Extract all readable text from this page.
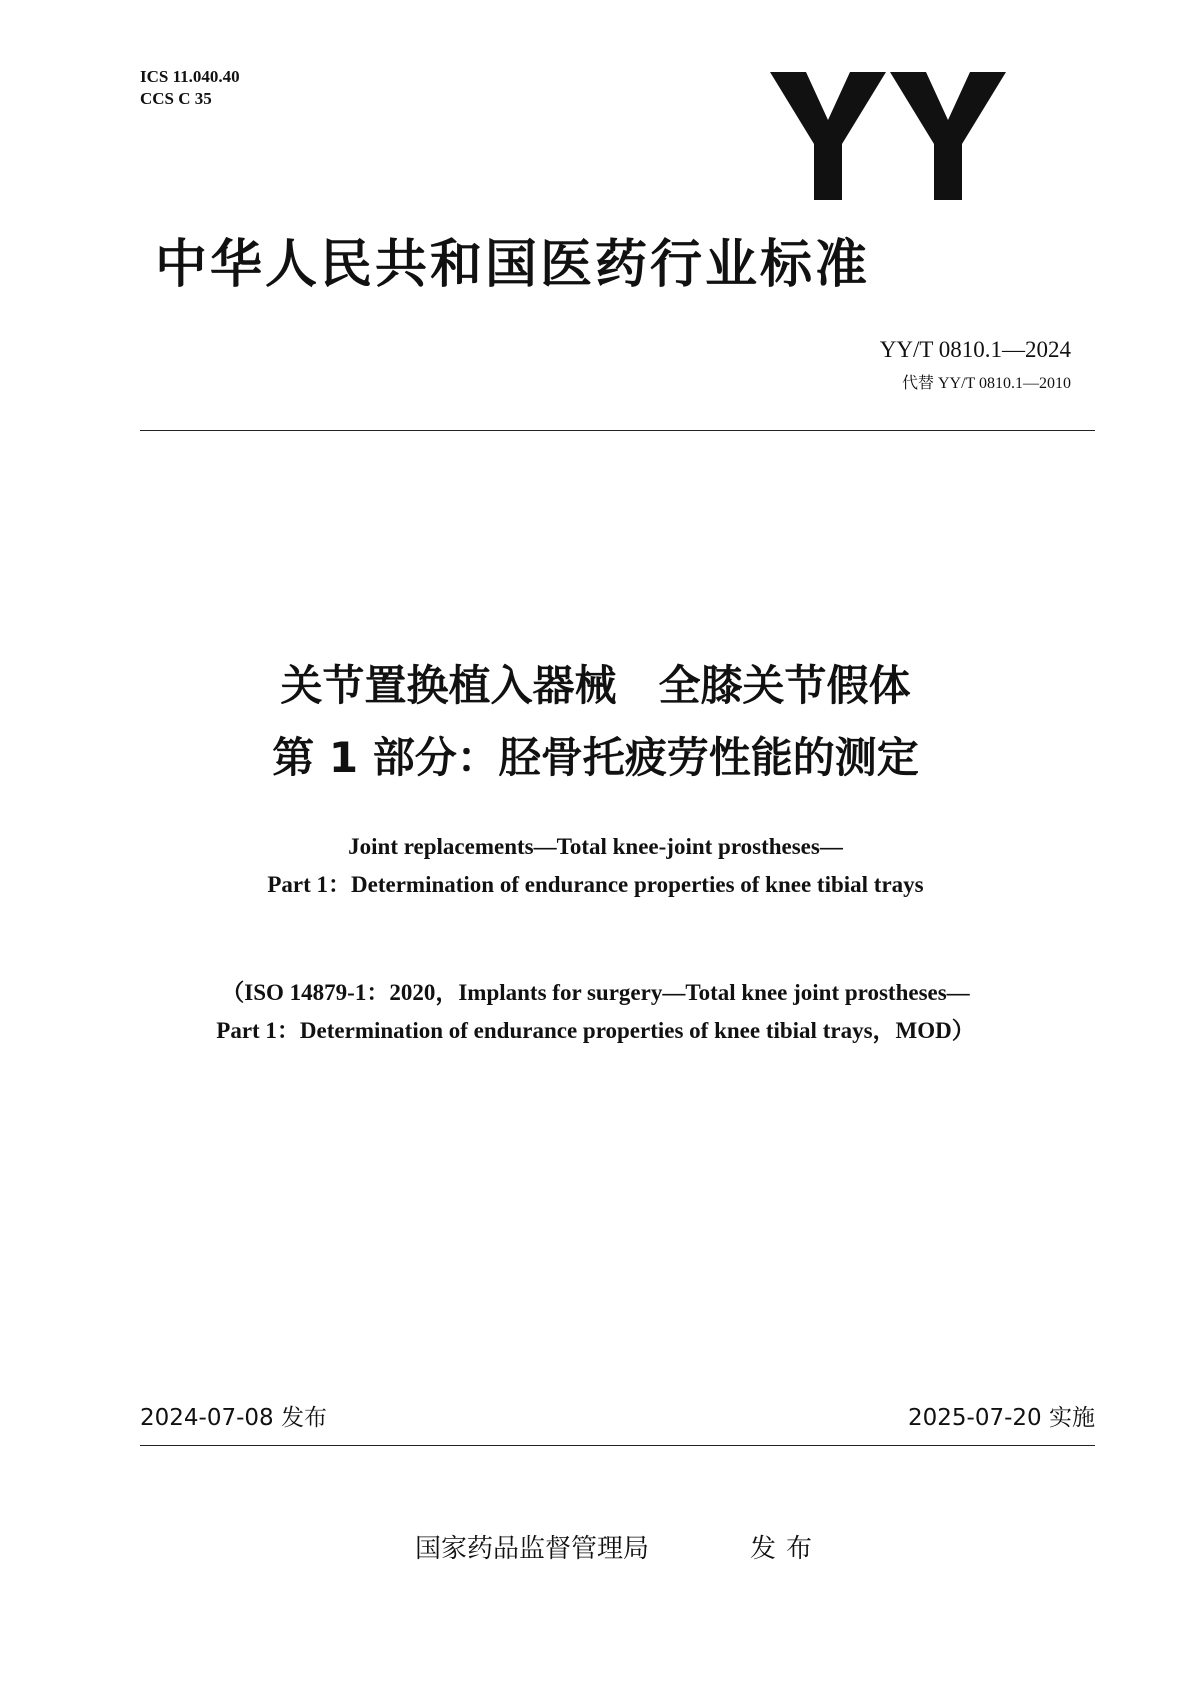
ICS 11.040.40
CCS C 35
中华人民共和国医药行业标准
YY/T 0810.1—2024
代替 YY/T 0810.1—2010
关节置换植入器械　全膝关节假体
第 1 部分：胫骨托疲劳性能的测定
Joint replacements—Total knee-joint prostheses—
Part 1：Determination of endurance properties of knee tibial trays
（ISO 14879-1：2020，Implants for surgery—Total knee joint prostheses—
Part 1：Determination of endurance properties of knee tibial trays，MOD）
2024-07-08 发布	2025-07-20 实施
国家药品监督管理局	发布
